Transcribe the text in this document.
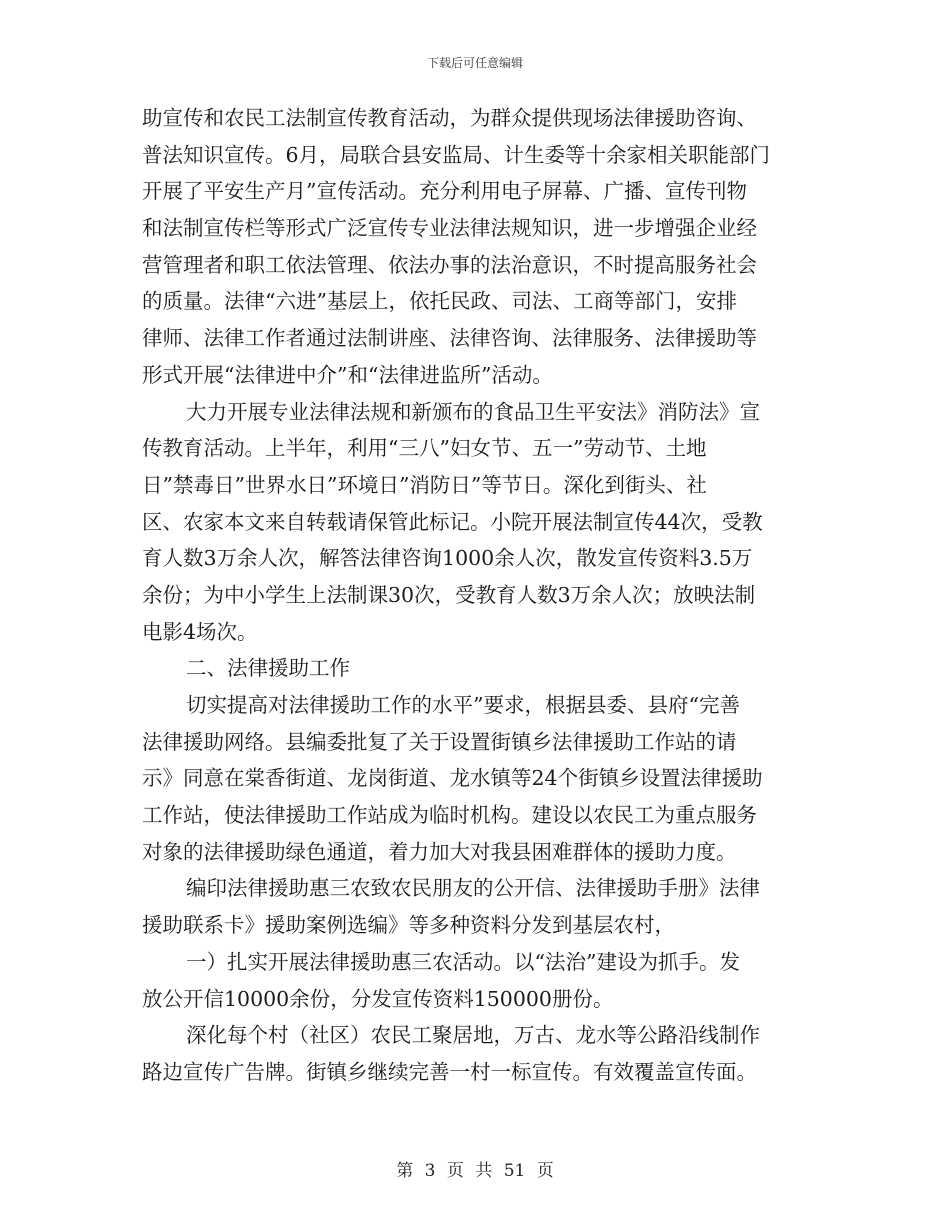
下载后可任意编辑
助宣传和农民工法制宣传教育活动，为群众提供现场法律援助咨询、
普法知识宣传。6月，局联合县安监局、计生委等十余家相关职能部门
开展了平安生产月”宣传活动。充分利用电子屏幕、广播、宣传刊物
和法制宣传栏等形式广泛宣传专业法律法规知识，进一步增强企业经
营管理者和职工依法管理、依法办事的法治意识，不时提高服务社会
的质量。法律“六进”基层上，依托民政、司法、工商等部门，安排
律师、法律工作者通过法制讲座、法律咨询、法律服务、法律援助等
形式开展“法律进中介”和“法律进监所”活动。
大力开展专业法律法规和新颁布的食品卫生平安法》消防法》宣
传教育活动。上半年，利用“三八”妇女节、五一”劳动节、土地
日”禁毒日”世界水日”环境日”消防日”等节日。深化到街头、社
区、农家本文来自转载请保管此标记。小院开展法制宣传44次，受教
育人数3万余人次，解答法律咨询1000余人次，散发宣传资料3.5万
余份；为中小学生上法制课30次，受教育人数3万余人次；放映法制
电影4场次。
二、法律援助工作
切实提高对法律援助工作的水平”要求，根据县委、县府“完善
法律援助网络。县编委批复了关于设置街镇乡法律援助工作站的请
示》同意在棠香街道、龙岗街道、龙水镇等24个街镇乡设置法律援助
工作站，使法律援助工作站成为临时机构。建设以农民工为重点服务
对象的法律援助绿色通道，着力加大对我县困难群体的援助力度。
编印法律援助惠三农致农民朋友的公开信、法律援助手册》法律
援助联系卡》援助案例选编》等多种资料分发到基层农村，
一）扎实开展法律援助惠三农活动。以“法治”建设为抓手。发
放公开信10000余份，分发宣传资料150000册份。
深化每个村（社区）农民工聚居地，万古、龙水等公路沿线制作
路边宣传广告牌。街镇乡继续完善一村一标宣传。有效覆盖宣传面。
第 3 页 共 51 页
